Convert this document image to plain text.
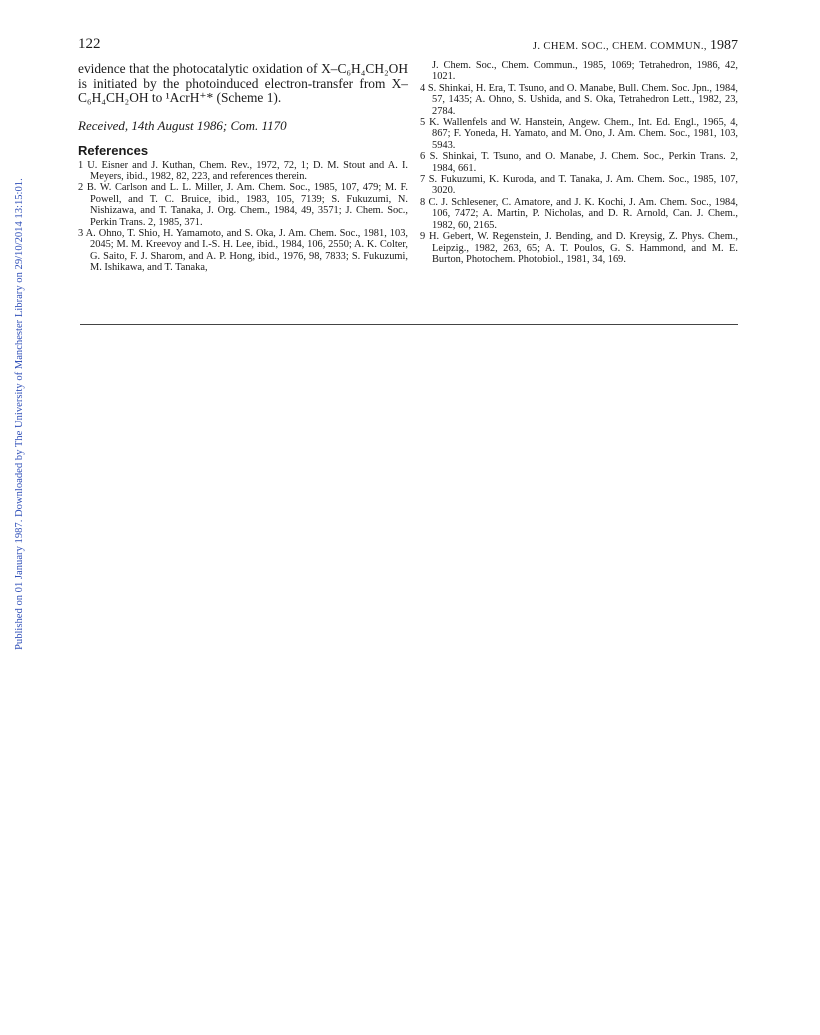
Published on 01 January 1987. Downloaded by The University of Manchester Library on 29/10/2014 13:15:01.
122	J. CHEM. SOC., CHEM. COMMUN., 1987

evidence that the photocatalytic oxidation of X–C₆H₄CH₂OH is initiated by the photoinduced electron-transfer from X–C₆H₄CH₂OH to ¹AcrH⁺* (Scheme 1).

Received, 14th August 1986; Com. 1170

References

1 U. Eisner and J. Kuthan, Chem. Rev., 1972, 72, 1; D. M. Stout and A. I. Meyers, ibid., 1982, 82, 223, and references therein.

2 B. W. Carlson and L. L. Miller, J. Am. Chem. Soc., 1985, 107, 479; M. F. Powell, and T. C. Bruice, ibid., 1983, 105, 7139; S. Fukuzumi, N. Nishizawa, and T. Tanaka, J. Org. Chem., 1984, 49, 3571; J. Chem. Soc., Perkin Trans. 2, 1985, 371.

3 A. Ohno, T. Shio, H. Yamamoto, and S. Oka, J. Am. Chem. Soc., 1981, 103, 2045; M. M. Kreevoy and I.-S. H. Lee, ibid., 1984, 106, 2550; A. K. Colter, G. Saito, F. J. Sharom, and A. P. Hong, ibid., 1976, 98, 7833; S. Fukuzumi, M. Ishikawa, and T. Tanaka,

J. Chem. Soc., Chem. Commun., 1985, 1069; Tetrahedron, 1986, 42, 1021.

4 S. Shinkai, H. Era, T. Tsuno, and O. Manabe, Bull. Chem. Soc. Jpn., 1984, 57, 1435; A. Ohno, S. Ushida, and S. Oka, Tetrahedron Lett., 1982, 23, 2784.

5 K. Wallenfels and W. Hanstein, Angew. Chem., Int. Ed. Engl., 1965, 4, 867; F. Yoneda, H. Yamato, and M. Ono, J. Am. Chem. Soc., 1981, 103, 5943.

6 S. Shinkai, T. Tsuno, and O. Manabe, J. Chem. Soc., Perkin Trans. 2, 1984, 661.

7 S. Fukuzumi, K. Kuroda, and T. Tanaka, J. Am. Chem. Soc., 1985, 107, 3020.

8 C. J. Schlesener, C. Amatore, and J. K. Kochi, J. Am. Chem. Soc., 1984, 106, 7472; A. Martin, P. Nicholas, and D. R. Arnold, Can. J. Chem., 1982, 60, 2165.

9 H. Gebert, W. Regenstein, J. Bending, and D. Kreysig, Z. Phys. Chem., Leipzig., 1982, 263, 65; A. T. Poulos, G. S. Hammond, and M. E. Burton, Photochem. Photobiol., 1981, 34, 169.
